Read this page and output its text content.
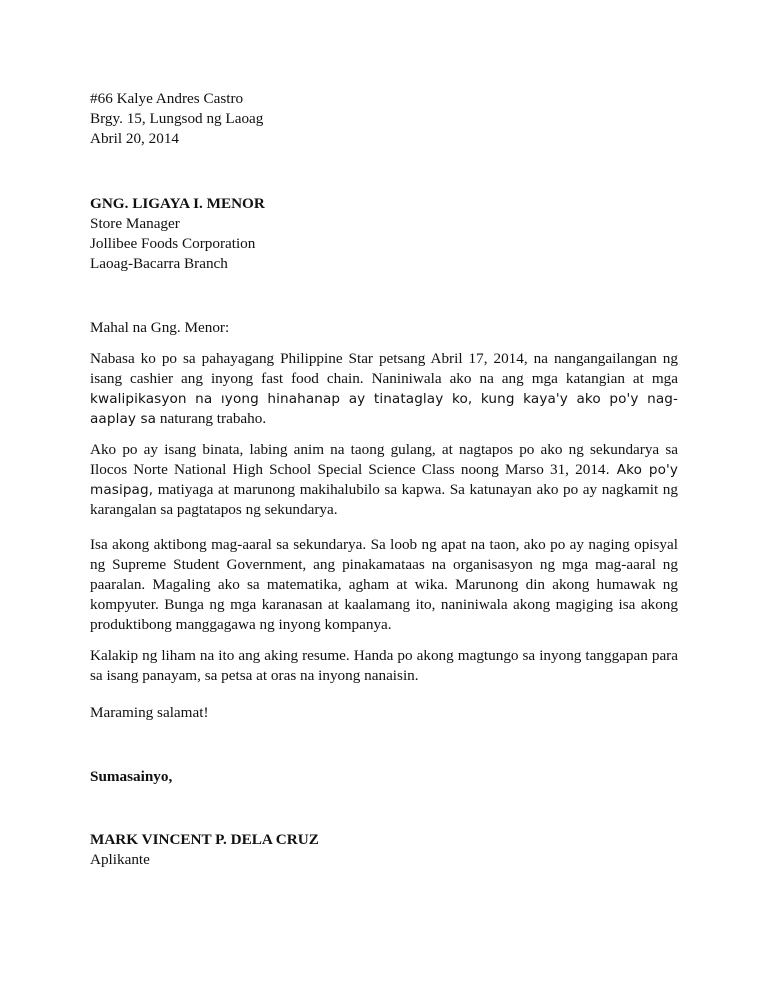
#66 Kalye Andres Castro
Brgy. 15, Lungsod ng Laoag
Abril 20, 2014
GNG. LIGAYA I. MENOR
Store Manager
Jollibee Foods Corporation
Laoag-Bacarra Branch
Mahal na Gng. Menor:

Nabasa ko po sa pahayagang Philippine Star petsang Abril 17, 2014, na nangangailangan ng isang cashier ang inyong fast food chain. Naniniwala ako na ang mga katangian at mga kwalipikasyon na ıyong hinahanap ay tinataglay ko, kung kaya'y ako po'y nag-aaplay sa naturang trabaho.

Ako po ay isang binata, labing anim na taong gulang, at nagtapos po ako ng sekundarya sa Ilocos Norte National High School Special Science Class noong Marso 31, 2014. Ako po'y masipag, matiyaga at marunong makihalubilo sa kapwa. Sa katunayan ako po ay nagkamit ng karangalan sa pagtatapos ng sekundarya.

Isa akong aktibong mag-aaral sa sekundarya. Sa loob ng apat na taon, ako po ay naging opisyal ng Supreme Student Government, ang pinakamataas na organisasyon ng mga mag-aaral ng paaralan. Magaling ako sa matematika, agham at wika. Marunong din akong humawak ng kompyuter. Bunga ng mga karanasan at kaalamang ito, naniniwala akong magiging isa akong produktibong manggagawa ng inyong kompanya.

Kalakip ng liham na ito ang aking resume. Handa po akong magtungo sa inyong tanggapan para sa isang panayam, sa petsa at oras na inyong nanaisin.

Maraming salamat!

Sumasainyo,
MARK VINCENT P. DELA CRUZ
Aplikante
